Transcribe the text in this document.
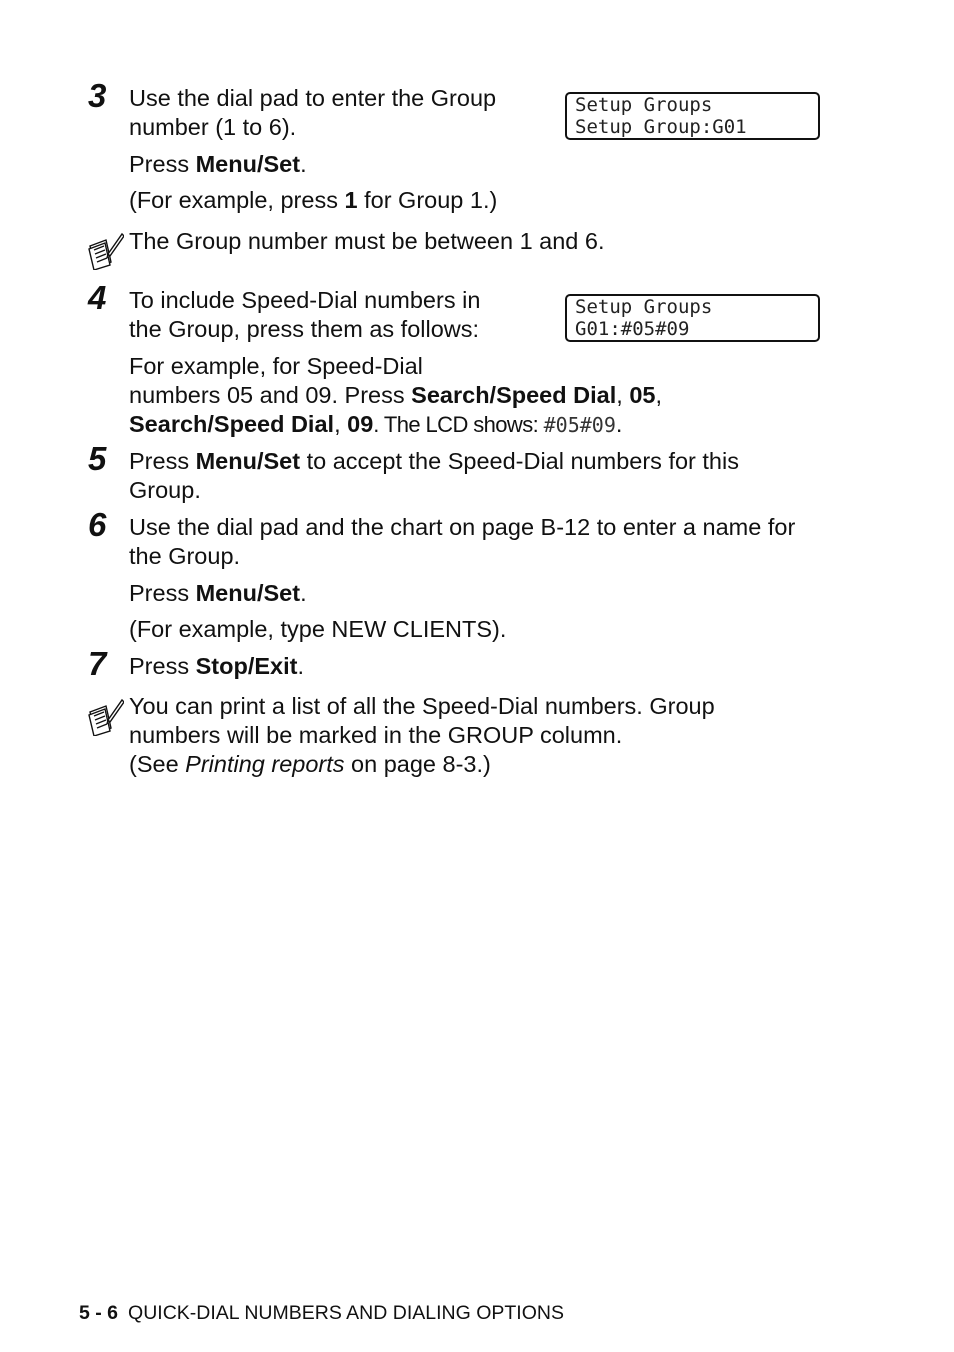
3 Use the dial pad to enter the Group
number (1 to 6).

Press Menu/Set.

(For example, press 1 for Group 1.)

Setup Groups
Setup Group:G01

The Group number must be between 1 and 6.

4 To include Speed-Dial numbers in
the Group, press them as follows:

For example, for Speed-Dial
numbers 05 and 09. Press Search/Speed Dial, 05,
Search/Speed Dial, 09. The LCD shows: #05#09.

Setup Groups
G01:#05#09
5 Press Menu/Set to accept the Speed-Dial numbers for this
Group.

6 Use the dial pad and the chart on page B-12 to enter a name for
the Group.

Press Menu/Set.

(For example, type NEW CLIENTS).

7 Press Stop/Exit.

You can print a list of all the Speed-Dial numbers. Group
numbers will be marked in the GROUP column.
(See Printing reports on page 8-3.)

5 - 6 QUICK-DIAL NUMBERS AND DIALING OPTIONS
